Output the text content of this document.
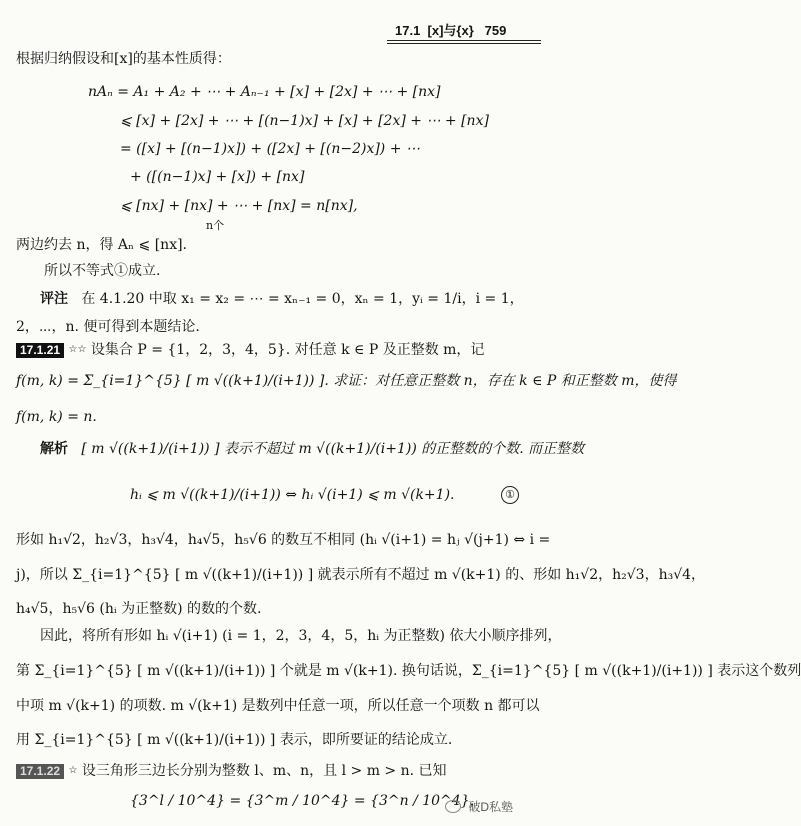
17.1 [x]与{x} 759
根据归纳假设和[x]的基本性质得：
nAₙ = A₁ + A₂ + ⋯ + Aₙ₋₁ + [x] + [2x] + ⋯ + [nx]
⩽ [x] + [2x] + ⋯ + [(n−1)x] + [x] + [2x] + ⋯ + [nx]
= ([x] + [(n−1)x]) + ([2x] + [(n−2)x]) + ⋯
+ ([(n−1)x] + [x]) + [nx]
⩽ [nx] + [nx] + ⋯ + [nx] = n[nx],
n个
两边约去 n，得 Aₙ ⩽ [nx].
所以不等式①成立.
评注 在 4.1.20 中取 x₁ = x₂ = ⋯ = xₙ₋₁ = 0，xₙ = 1，yᵢ = 1/i，i = 1，
2，⋯，n. 便可得到本题结论.
17.1.21 ☆☆ 设集合 P = {1，2，3，4，5}. 对任意 k ∈ P 及正整数 m，记
f(m, k) = Σ_{i=1}^{5} [ m √((k+1)/(i+1)) ]. 求证：对任意正整数 n，存在 k ∈ P 和正整数 m，使得
f(m, k) = n.
解析 [ m √((k+1)/(i+1)) ] 表示不超过 m √((k+1)/(i+1)) 的正整数的个数. 而正整数
hᵢ ⩽ m √((k+1)/(i+1)) ⇔ hᵢ √(i+1) ⩽ m √(k+1).	①
形如 h₁√2，h₂√3，h₃√4，h₄√5，h₅√6 的数互不相同 (hᵢ √(i+1) = hⱼ √(j+1) ⇔ i =
j)，所以 Σ_{i=1}^{5} [ m √((k+1)/(i+1)) ] 就表示所有不超过 m √(k+1) 的、形如 h₁√2，h₂√3，h₃√4，
h₄√5，h₅√6 (hᵢ 为正整数) 的数的个数.
因此，将所有形如 hᵢ √(i+1) (i = 1，2，3，4，5，hᵢ 为正整数) 依大小顺序排列，
第 Σ_{i=1}^{5} [ m √((k+1)/(i+1)) ] 个就是 m √(k+1). 换句话说，Σ_{i=1}^{5} [ m √((k+1)/(i+1)) ] 表示这个数列
中项 m √(k+1) 的项数. m √(k+1) 是数列中任意一项，所以任意一个项数 n 都可以
用 Σ_{i=1}^{5} [ m √((k+1)/(i+1)) ] 表示，即所要证的结论成立.
17.1.22 ☆ 设三角形三边长分别为整数 l、m、n，且 l > m > n. 已知
{3^l / 10^4} = {3^m / 10^4} = {3^n / 10^4}，
破D私塾
